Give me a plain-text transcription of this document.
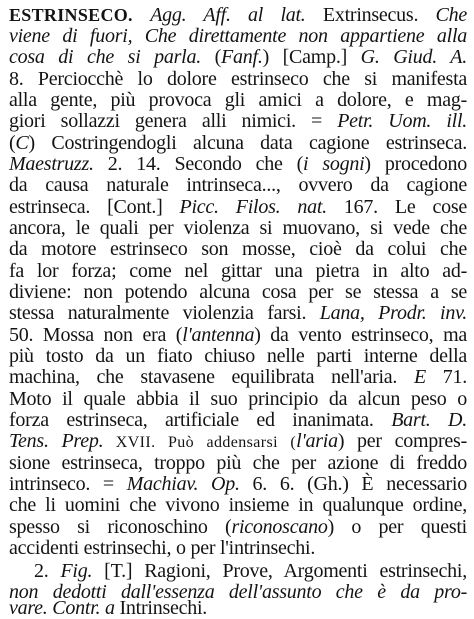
ESTRINSECO. Agg. Aff. al lat. Extrinsecus. Che
viene di fuori, Che direttamente non appartiene alla
cosa di che si parla. (Fanf.) [Camp.] G. Giud. A.
8. Perciocchè lo dolore estrinseco che si manifesta
alla gente, più provoca gli amici a dolore, e mag-
giori sollazzi genera alli nimici. = Petr. Uom. ill.
(C) Costringendogli alcuna data cagione estrinseca.
Maestruzz. 2. 14. Secondo che (i sogni) procedono
da causa naturale intrinseca..., ovvero da cagione
estrinseca. [Cont.] Picc. Filos. nat. 167. Le cose
ancora, le quali per violenza si muovano, si vede che
da motore estrinseco son mosse, cioè da colui che
fa lor forza; come nel gittar una pietra in alto ad-
diviene: non potendo alcuna cosa per se stessa a se
stessa naturalmente violenzia farsi. Lana, Prodr. inv.
50. Mossa non era (l'antenna) da vento estrinseco, ma
più tosto da un fiato chiuso nelle parti interne della
machina, che stavasene equilibrata nell'aria. E 71.
Moto il quale abbia il suo principio da alcun peso o
forza estrinseca, artificiale ed inanimata. Bart. D.
Tens. Prep. XVII. Può addensarsi (l'aria) per compres-
sione estrinseca, troppo più che per azione di freddo
intrinseco. = Machiav. Op. 6. 6. (Gh.) È necessario
che li uomini che vivono insieme in qualunque ordine,
spesso si riconoschino (riconoscano) o per questi
accidenti estrinsechi, o per l'intrinsechi.
2. Fig. [T.] Ragioni, Prove, Argomenti estrinsechi,
non dedotti dall'essenza dell'assunto che è da pro-
vare. Contr. a Intrinsechi.
